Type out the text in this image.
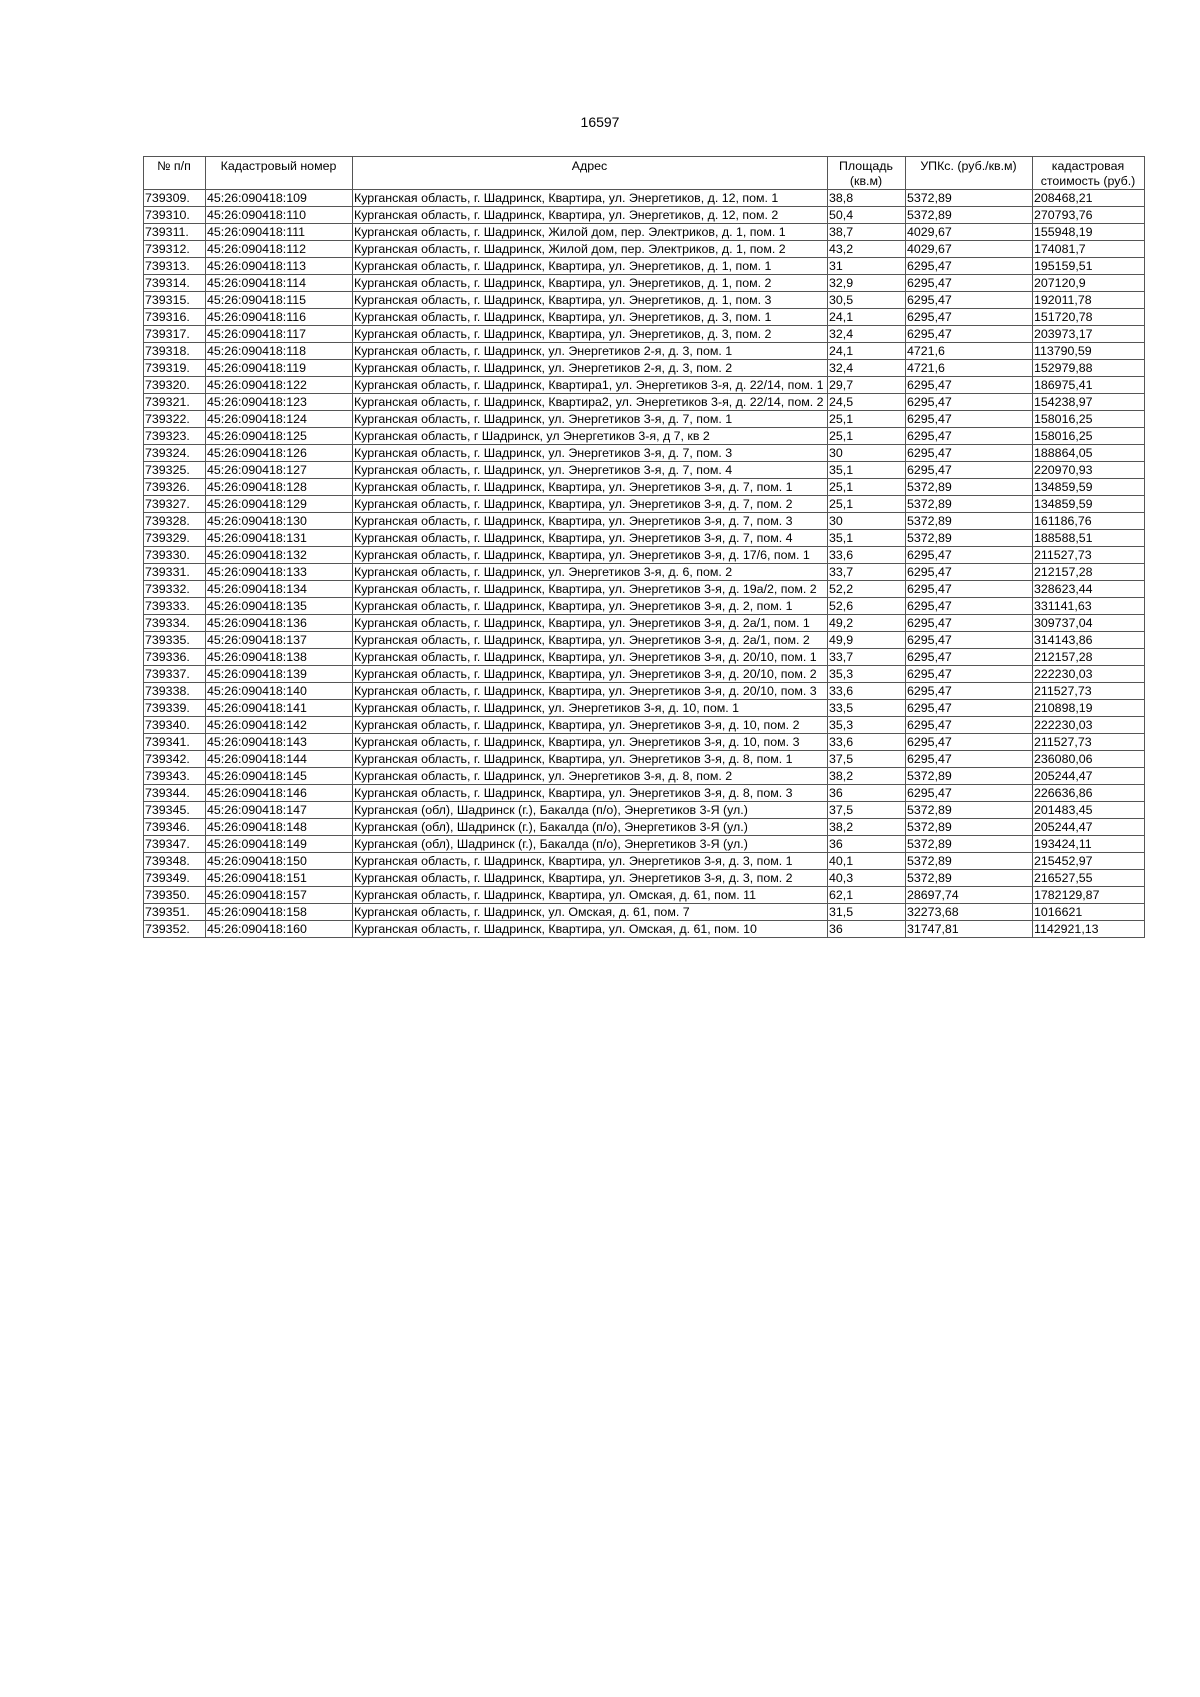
16597
№ п/п	Кадастровый номер	Адрес	Площадь (кв.м)	УПКс. (руб./кв.м)	кадастровая стоимость (руб.)
739309.	45:26:090418:109	Курганская область, г. Шадринск, Квартира, ул. Энергетиков, д. 12, пом. 1	38,8	5372,89	208468,21
739310.	45:26:090418:110	Курганская область, г. Шадринск, Квартира, ул. Энергетиков, д. 12, пом. 2	50,4	5372,89	270793,76
739311.	45:26:090418:111	Курганская область, г. Шадринск, Жилой дом, пер. Электриков, д. 1, пом. 1	38,7	4029,67	155948,19
739312.	45:26:090418:112	Курганская область, г. Шадринск, Жилой дом, пер. Электриков, д. 1, пом. 2	43,2	4029,67	174081,7
739313.	45:26:090418:113	Курганская область, г. Шадринск, Квартира, ул. Энергетиков, д. 1, пом. 1	31	6295,47	195159,51
739314.	45:26:090418:114	Курганская область, г. Шадринск, Квартира, ул. Энергетиков, д. 1, пом. 2	32,9	6295,47	207120,9
739315.	45:26:090418:115	Курганская область, г. Шадринск, Квартира, ул. Энергетиков, д. 1, пом. 3	30,5	6295,47	192011,78
739316.	45:26:090418:116	Курганская область, г. Шадринск, Квартира, ул. Энергетиков, д. 3, пом. 1	24,1	6295,47	151720,78
739317.	45:26:090418:117	Курганская область, г. Шадринск, Квартира, ул. Энергетиков, д. 3, пом. 2	32,4	6295,47	203973,17
739318.	45:26:090418:118	Курганская область, г. Шадринск, ул. Энергетиков 2-я, д. 3, пом. 1	24,1	4721,6	113790,59
739319.	45:26:090418:119	Курганская область, г. Шадринск, ул. Энергетиков 2-я, д. 3, пом. 2	32,4	4721,6	152979,88
739320.	45:26:090418:122	Курганская область, г. Шадринск, Квартира1, ул. Энергетиков 3-я, д. 22/14, пом. 1	29,7	6295,47	186975,41
739321.	45:26:090418:123	Курганская область, г. Шадринск, Квартира2, ул. Энергетиков 3-я, д. 22/14, пом. 2	24,5	6295,47	154238,97
739322.	45:26:090418:124	Курганская область, г. Шадринск, ул. Энергетиков 3-я, д. 7, пом. 1	25,1	6295,47	158016,25
739323.	45:26:090418:125	Курганская область, г Шадринск, ул Энергетиков 3-я, д 7, кв 2	25,1	6295,47	158016,25
739324.	45:26:090418:126	Курганская область, г. Шадринск, ул. Энергетиков 3-я, д. 7, пом. 3	30	6295,47	188864,05
739325.	45:26:090418:127	Курганская область, г. Шадринск, ул. Энергетиков 3-я, д. 7, пом. 4	35,1	6295,47	220970,93
739326.	45:26:090418:128	Курганская область, г. Шадринск, Квартира, ул. Энергетиков 3-я, д. 7, пом. 1	25,1	5372,89	134859,59
739327.	45:26:090418:129	Курганская область, г. Шадринск, Квартира, ул. Энергетиков 3-я, д. 7, пом. 2	25,1	5372,89	134859,59
739328.	45:26:090418:130	Курганская область, г. Шадринск, Квартира, ул. Энергетиков 3-я, д. 7, пом. 3	30	5372,89	161186,76
739329.	45:26:090418:131	Курганская область, г. Шадринск, Квартира, ул. Энергетиков 3-я, д. 7, пом. 4	35,1	5372,89	188588,51
739330.	45:26:090418:132	Курганская область, г. Шадринск, Квартира, ул. Энергетиков 3-я, д. 17/6, пом. 1	33,6	6295,47	211527,73
739331.	45:26:090418:133	Курганская область, г. Шадринск, ул. Энергетиков 3-я, д. 6, пом. 2	33,7	6295,47	212157,28
739332.	45:26:090418:134	Курганская область, г. Шадринск, Квартира, ул. Энергетиков 3-я, д. 19а/2, пом. 2	52,2	6295,47	328623,44
739333.	45:26:090418:135	Курганская область, г. Шадринск, Квартира, ул. Энергетиков 3-я, д. 2, пом. 1	52,6	6295,47	331141,63
739334.	45:26:090418:136	Курганская область, г. Шадринск, Квартира, ул. Энергетиков 3-я, д. 2а/1, пом. 1	49,2	6295,47	309737,04
739335.	45:26:090418:137	Курганская область, г. Шадринск, Квартира, ул. Энергетиков 3-я, д. 2а/1, пом. 2	49,9	6295,47	314143,86
739336.	45:26:090418:138	Курганская область, г. Шадринск, Квартира, ул. Энергетиков 3-я, д. 20/10, пом. 1	33,7	6295,47	212157,28
739337.	45:26:090418:139	Курганская область, г. Шадринск, Квартира, ул. Энергетиков 3-я, д. 20/10, пом. 2	35,3	6295,47	222230,03
739338.	45:26:090418:140	Курганская область, г. Шадринск, Квартира, ул. Энергетиков 3-я, д. 20/10, пом. 3	33,6	6295,47	211527,73
739339.	45:26:090418:141	Курганская область, г. Шадринск, ул. Энергетиков 3-я, д. 10, пом. 1	33,5	6295,47	210898,19
739340.	45:26:090418:142	Курганская область, г. Шадринск, Квартира, ул. Энергетиков 3-я, д. 10, пом. 2	35,3	6295,47	222230,03
739341.	45:26:090418:143	Курганская область, г. Шадринск, Квартира, ул. Энергетиков 3-я, д. 10, пом. 3	33,6	6295,47	211527,73
739342.	45:26:090418:144	Курганская область, г. Шадринск, Квартира, ул. Энергетиков 3-я, д. 8, пом. 1	37,5	6295,47	236080,06
739343.	45:26:090418:145	Курганская область, г. Шадринск, ул. Энергетиков 3-я, д. 8, пом. 2	38,2	5372,89	205244,47
739344.	45:26:090418:146	Курганская область, г. Шадринск, Квартира, ул. Энергетиков 3-я, д. 8, пом. 3	36	6295,47	226636,86
739345.	45:26:090418:147	Курганская (обл), Шадринск (г.), Бакалда (п/о), Энергетиков 3-Я (ул.)	37,5	5372,89	201483,45
739346.	45:26:090418:148	Курганская (обл), Шадринск (г.), Бакалда (п/о), Энергетиков 3-Я (ул.)	38,2	5372,89	205244,47
739347.	45:26:090418:149	Курганская (обл), Шадринск (г.), Бакалда (п/о), Энергетиков 3-Я (ул.)	36	5372,89	193424,11
739348.	45:26:090418:150	Курганская область, г. Шадринск, Квартира, ул. Энергетиков 3-я, д. 3, пом. 1	40,1	5372,89	215452,97
739349.	45:26:090418:151	Курганская область, г. Шадринск, Квартира, ул. Энергетиков 3-я, д. 3, пом. 2	40,3	5372,89	216527,55
739350.	45:26:090418:157	Курганская область, г. Шадринск, Квартира, ул. Омская, д. 61, пом. 11	62,1	28697,74	1782129,87
739351.	45:26:090418:158	Курганская область, г. Шадринск, ул. Омская, д. 61, пом. 7	31,5	32273,68	1016621
739352.	45:26:090418:160	Курганская область, г. Шадринск, Квартира, ул. Омская, д. 61, пом. 10	36	31747,81	1142921,13
